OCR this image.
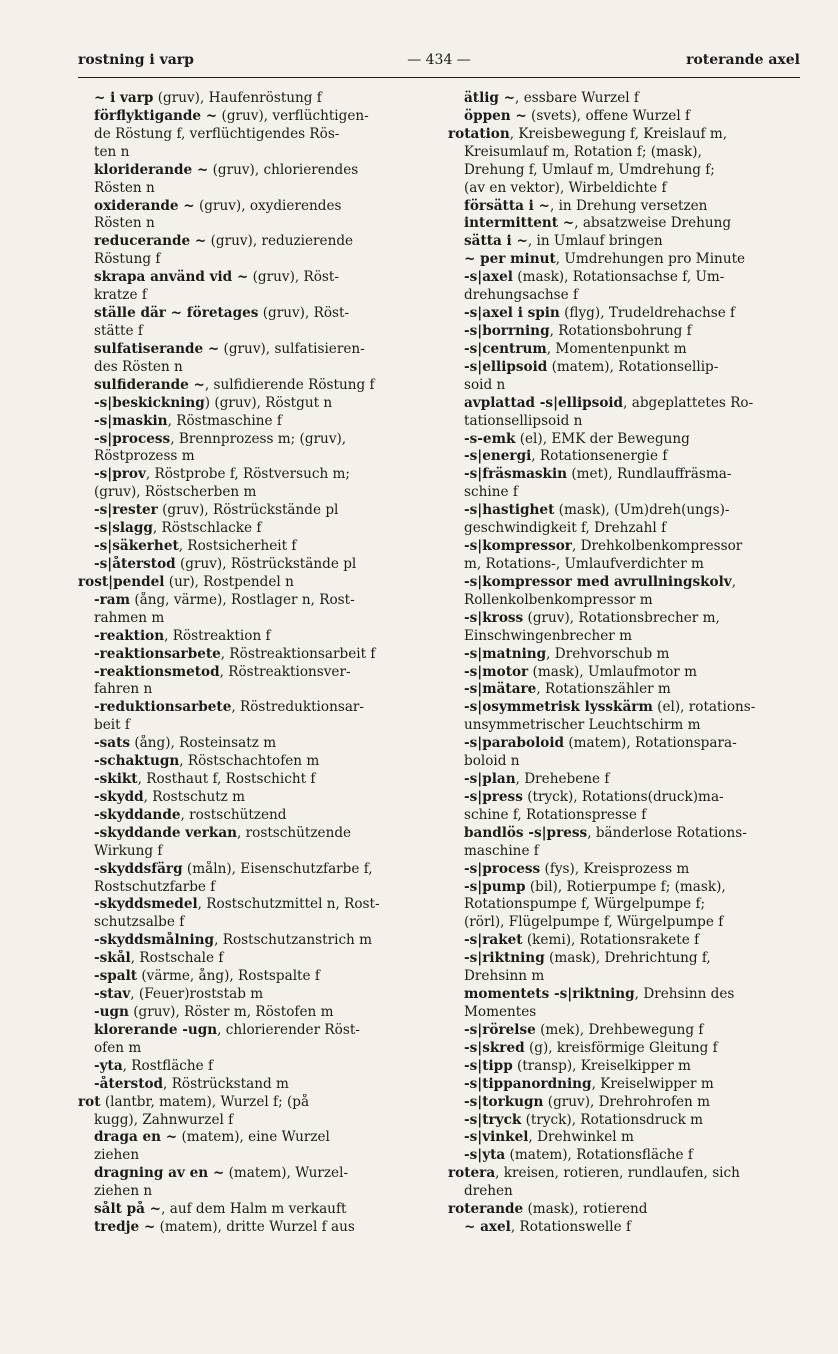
rostning i varp	— 434 —	roterande axel
~ i varp (gruv), Haufenröstung f
förflyktigande ~ (gruv), verflüchtigen-
de Röstung f, verflüchtigendes Rös-
ten n
kloriderande ~ (gruv), chlorierendes
Rösten n
oxiderande ~ (gruv), oxydierendes
Rösten n
reducerande ~ (gruv), reduzierende
Röstung f
skrapa använd vid ~ (gruv), Röst-
kratze f
ställe där ~ företages (gruv), Röst-
stätte f
sulfatiserande ~ (gruv), sulfatisieren-
des Rösten n
sulfiderande ~, sulfidierende Röstung f
-s|beskickning) (gruv), Röstgut n
-s|maskin, Röstmaschine f
-s|process, Brennprozess m; (gruv),
Röstprozess m
-s|prov, Röstprobe f, Röstversuch m;
(gruv), Röstscherben m
-s|rester (gruv), Röstrückstände pl
-s|slagg, Röstschlacke f
-s|säkerhet, Rostsicherheit f
-s|återstod (gruv), Röstrückstände pl
rost|pendel (ur), Rostpendel n
-ram (ång, värme), Rostlager n, Rost-
rahmen m
-reaktion, Röstreaktion f
-reaktionsarbete, Röstreaktionsarbeit f
-reaktionsmetod, Röstreaktionsver-
fahren n
-reduktionsarbete, Röstreduktionsar-
beit f
-sats (ång), Rosteinsatz m
-schaktugn, Röstschachtofen m
-skikt, Rosthaut f, Rostschicht f
-skydd, Rostschutz m
-skyddande, rostschützend
-skyddande verkan, rostschützende
Wirkung f
-skyddsfärg (måln), Eisenschutzfarbe f,
Rostschutzfarbe f
-skyddsmedel, Rostschutzmittel n, Rost-
schutzsalbe f
-skyddsmålning, Rostschutzanstrich m
-skål, Rostschale f
-spalt (värme, ång), Rostspalte f
-stav, (Feuer)roststab m
-ugn (gruv), Röster m, Röstofen m
klorerande -ugn, chlorierender Röst-
ofen m
-yta, Rostfläche f
-återstod, Röstrückstand m
rot (lantbr, matem), Wurzel f; (på
kugg), Zahnwurzel f
draga en ~ (matem), eine Wurzel
ziehen
dragning av en ~ (matem), Wurzel-
ziehen n
sålt på ~, auf dem Halm m verkauft
tredje ~ (matem), dritte Wurzel f aus
ätlig ~, essbare Wurzel f
öppen ~ (svets), offene Wurzel f
rotation, Kreisbewegung f, Kreislauf m,
Kreisumlauf m, Rotation f; (mask),
Drehung f, Umlauf m, Umdrehung f;
(av en vektor), Wirbeldichte f
försätta i ~, in Drehung versetzen
intermittent ~, absatzweise Drehung
sätta i ~, in Umlauf bringen
~ per minut, Umdrehungen pro Minute
-s|axel (mask), Rotationsachse f, Um-
drehungsachse f
-s|axel i spin (flyg), Trudeldrehachse f
-s|borrning, Rotationsbohrung f
-s|centrum, Momentenpunkt m
-s|ellipsoid (matem), Rotationsellip-
soid n
avplattad -s|ellipsoid, abgeplattetes Ro-
tationsellipsoid n
-s-emk (el), EMK der Bewegung
-s|energi, Rotationsenergie f
-s|fräsmaskin (met), Rundlauffräsma-
schine f
-s|hastighet (mask), (Um)dreh(ungs)-
geschwindigkeit f, Drehzahl f
-s|kompressor, Drehkolbenkompressor
m, Rotations-, Umlaufverdichter m
-s|kompressor med avrullningskolv,
Rollenkolbenkompressor m
-s|kross (gruv), Rotationsbrecher m,
Einschwingenbrecher m
-s|matning, Drehvorschub m
-s|motor (mask), Umlaufmotor m
-s|mätare, Rotationszähler m
-s|osymmetrisk lysskärm (el), rotations-
unsymmetrischer Leuchtschirm m
-s|paraboloid (matem), Rotationspara-
boloid n
-s|plan, Drehebene f
-s|press (tryck), Rotations(druck)ma-
schine f, Rotationspresse f
bandlös -s|press, bänderlose Rotations-
maschine f
-s|process (fys), Kreisprozess m
-s|pump (bil), Rotierpumpe f; (mask),
Rotationspumpe f, Würgelpumpe f;
(rörl), Flügelpumpe f, Würgelpumpe f
-s|raket (kemi), Rotationsrakete f
-s|riktning (mask), Drehrichtung f,
Drehsinn m
momentets -s|riktning, Drehsinn des
Momentes
-s|rörelse (mek), Drehbewegung f
-s|skred (g), kreisförmige Gleitung f
-s|tipp (transp), Kreiselkipper m
-s|tippanordning, Kreiselwipper m
-s|torkugn (gruv), Drehrohrofen m
-s|tryck (tryck), Rotationsdruck m
-s|vinkel, Drehwinkel m
-s|yta (matem), Rotationsfläche f
rotera, kreisen, rotieren, rundlaufen, sich
drehen
roterande (mask), rotierend
~ axel, Rotationswelle f
